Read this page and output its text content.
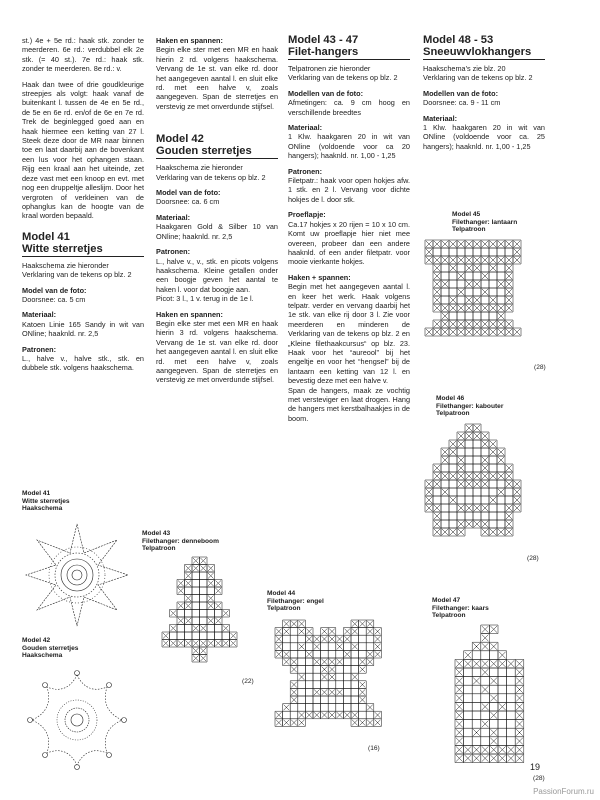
st.) 4e + 5e rd.: haak stk. zonder te meerderen. 6e rd.: verdubbel elk 2e stk. (= 40 st.). 7e rd.: haak stk. zonder te meerderen. 8e rd.: v.

Haak dan twee of drie goudkleurige streepjes als volgt: haak vanaf de buitenkant l. tussen de 4e en 5e rd., de 5e en 6e rd. en/of de 6e en 7e rd. Trek de beginlegged goed aan en haak hiermee een ketting van 27 l. Steek deze door de MR naar binnen toe en laat daarbij aan de bovenkant een lus voor het ophangen staan. Rijg een kraal aan het uiteinde, zet deze vast met een knoop en evt. met nog een druppeltje alleslijm. Door het vergroten of verkleinen van de ophanglus kan de hoogte van de kraal worden bepaald.

Model 41
Witte sterretjes

Haakschema zie hieronder

Verklaring van de tekens op blz. 2

Model van de foto:

Doorsnee: ca. 5 cm

Materiaal:

Katoen Linie 165 Sandy in wit van ONline; haaknld. nr. 2,5

Patronen:

L., halve v., halve stk., stk. en dubbele stk. volgens haakschema.

Haken en spannen:

Begin elke ster met een MR en haak hierin 2 rd. volgens haakschema. Vervang de 1e st. van elke rd. door het aangegeven aantal l. en sluit elke rd. met een halve v, zoals aangegeven. Span de sterretjes en verstevig ze met onverdunde stijfsel.

Model 42
Gouden sterretjes

Haakschema zie hieronder

Verklaring van de tekens op blz. 2

Model van de foto:

Doorsnee: ca. 6 cm

Materiaal:

Haakgaren Gold & Silber 10 van ONline; haaknld. nr. 2,5

Patronen:

L., halve v., v., stk. en picots volgens haakschema. Kleine getallen onder een boogje geven het aantal te haken l. voor dat boogje aan.

Picot: 3 l., 1 v. terug in de 1e l.

Haken en spannen:

Begin elke ster met een MR en haak hierin 3 rd. volgens haakschema. Vervang de 1e st. van elke rd. door het aangegeven aantal l. en sluit elke rd. met een halve v, zoals aangegeven. Span de sterretjes en verstevig ze met onverdunde stijfsel.

Model 43 - 47
Filet-hangers

Telpatronen zie hieronder

Verklaring van de tekens op blz. 2

Modellen van de foto:

Afmetingen: ca. 9 cm hoog en verschillende breedtes

Materiaal:

1 Klw. haakgaren 20 in wit van ONline (voldoende voor ca 20 hangers); haaknld. nr. 1,00 - 1,25

Patronen:

Filetpatr.: haak voor open hokjes afw. 1 stk. en 2 l. Vervang voor dichte hokjes de l. door stk.

Proeflapje:

Ca.17 hokjes x 20 rijen = 10 x 10 cm. Komt uw proeflapje hier niet mee overeen, probeer dan een andere haaknld. of een ander filetpatr. voor mooie vierkante hokjes.

Haken + spannen:

Begin met het aangegeven aantal l. en keer het werk. Haak volgens telpatr. verder en vervang daarbij het 1e stk. van elke rij door 3 l. Zie voor meerderen en minderen de Verklaring van de tekens op blz. 2 en „Kleine filethaakcursus“ op blz. 23. Haak voor het “aureool” bij het engeltje en voor het “hengsel” bij de lantaarn een ketting van 12 l. en bevestig deze met een halve v.

Span de hangers, maak ze vochtig met versteviger en laat drogen. Hang de hangers met kerstbalhaakjes in de boom.

Model 48 - 53
Sneeuwvlokhangers

Haakschema's zie blz. 20

Verklaring van de tekens op blz. 2

Modellen van de foto:

Doorsnee: ca. 9 - 11 cm

Materiaal:

1 Klw. haakgaren 20 in wit van ONline (voldoende voor ca. 25 hangers); haaknld. nr. 1,00 - 1,25

Model 41
Witte sterretjes
Haakschema
Model 42
Gouden sterretjes
Haakschema
Model 43
Filethanger: denneboom
Telpatroon
Model 44
Filethanger: engel
Telpatroon
Model 45
Filethanger: lantaarn
Telpatroon
Model 46
Filethanger: kabouter
Telpatroon
Model 47
Filethanger: kaars
Telpatroon
(22)
(16)
(28)
(28)
(28)
19
PassionForum.ru
